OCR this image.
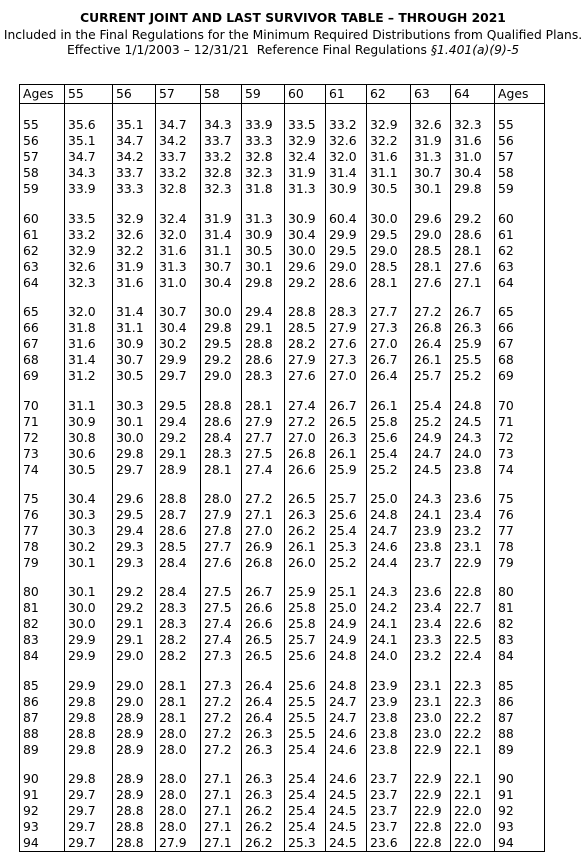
CURRENT JOINT AND LAST SURVIVOR TABLE – THROUGH 2021
Included in the Final Regulations for the Minimum Required Distributions from Qualified Plans.
Effective 1/1/2003 – 12/31/21 Reference Final Regulations §1.401(a)(9)-5
Ages	55	56	57	58	59	60	61	62	63	64	Ages

55	35.6	35.1	34.7	34.3	33.9	33.5	33.2	32.9	32.6	32.3	55
56	35.1	34.7	34.2	33.7	33.3	32.9	32.6	32.2	31.9	31.6	56
57	34.7	34.2	33.7	33.2	32.8	32.4	32.0	31.6	31.3	31.0	57
58	34.3	33.7	33.2	32.8	32.3	31.9	31.4	31.1	30.7	30.4	58
59	33.9	33.3	32.8	32.3	31.8	31.3	30.9	30.5	30.1	29.8	59

60	33.5	32.9	32.4	31.9	31.3	30.9	60.4	30.0	29.6	29.2	60
61	33.2	32.6	32.0	31.4	30.9	30.4	29.9	29.5	29.0	28.6	61
62	32.9	32.2	31.6	31.1	30.5	30.0	29.5	29.0	28.5	28.1	62
63	32.6	31.9	31.3	30.7	30.1	29.6	29.0	28.5	28.1	27.6	63
64	32.3	31.6	31.0	30.4	29.8	29.2	28.6	28.1	27.6	27.1	64

65	32.0	31.4	30.7	30.0	29.4	28.8	28.3	27.7	27.2	26.7	65
66	31.8	31.1	30.4	29.8	29.1	28.5	27.9	27.3	26.8	26.3	66
67	31.6	30.9	30.2	29.5	28.8	28.2	27.6	27.0	26.4	25.9	67
68	31.4	30.7	29.9	29.2	28.6	27.9	27.3	26.7	26.1	25.5	68
69	31.2	30.5	29.7	29.0	28.3	27.6	27.0	26.4	25.7	25.2	69

70	31.1	30.3	29.5	28.8	28.1	27.4	26.7	26.1	25.4	24.8	70
71	30.9	30.1	29.4	28.6	27.9	27.2	26.5	25.8	25.2	24.5	71
72	30.8	30.0	29.2	28.4	27.7	27.0	26.3	25.6	24.9	24.3	72
73	30.6	29.8	29.1	28.3	27.5	26.8	26.1	25.4	24.7	24.0	73
74	30.5	29.7	28.9	28.1	27.4	26.6	25.9	25.2	24.5	23.8	74

75	30.4	29.6	28.8	28.0	27.2	26.5	25.7	25.0	24.3	23.6	75
76	30.3	29.5	28.7	27.9	27.1	26.3	25.6	24.8	24.1	23.4	76
77	30.3	29.4	28.6	27.8	27.0	26.2	25.4	24.7	23.9	23.2	77
78	30.2	29.3	28.5	27.7	26.9	26.1	25.3	24.6	23.8	23.1	78
79	30.1	29.3	28.4	27.6	26.8	26.0	25.2	24.4	23.7	22.9	79

80	30.1	29.2	28.4	27.5	26.7	25.9	25.1	24.3	23.6	22.8	80
81	30.0	29.2	28.3	27.5	26.6	25.8	25.0	24.2	23.4	22.7	81
82	30.0	29.1	28.3	27.4	26.6	25.8	24.9	24.1	23.4	22.6	82
83	29.9	29.1	28.2	27.4	26.5	25.7	24.9	24.1	23.3	22.5	83
84	29.9	29.0	28.2	27.3	26.5	25.6	24.8	24.0	23.2	22.4	84

85	29.9	29.0	28.1	27.3	26.4	25.6	24.8	23.9	23.1	22.3	85
86	29.8	29.0	28.1	27.2	26.4	25.5	24.7	23.9	23.1	22.3	86
87	29.8	28.9	28.1	27.2	26.4	25.5	24.7	23.8	23.0	22.2	87
88	28.8	28.9	28.0	27.2	26.3	25.5	24.6	23.8	23.0	22.2	88
89	29.8	28.9	28.0	27.2	26.3	25.4	24.6	23.8	22.9	22.1	89

90	29.8	28.9	28.0	27.1	26.3	25.4	24.6	23.7	22.9	22.1	90
91	29.7	28.9	28.0	27.1	26.3	25.4	24.5	23.7	22.9	22.1	91
92	29.7	28.8	28.0	27.1	26.2	25.4	24.5	23.7	22.9	22.0	92
93	29.7	28.8	28.0	27.1	26.2	25.4	24.5	23.7	22.8	22.0	93
94	29.7	28.8	27.9	27.1	26.2	25.3	24.5	23.6	22.8	22.0	94
